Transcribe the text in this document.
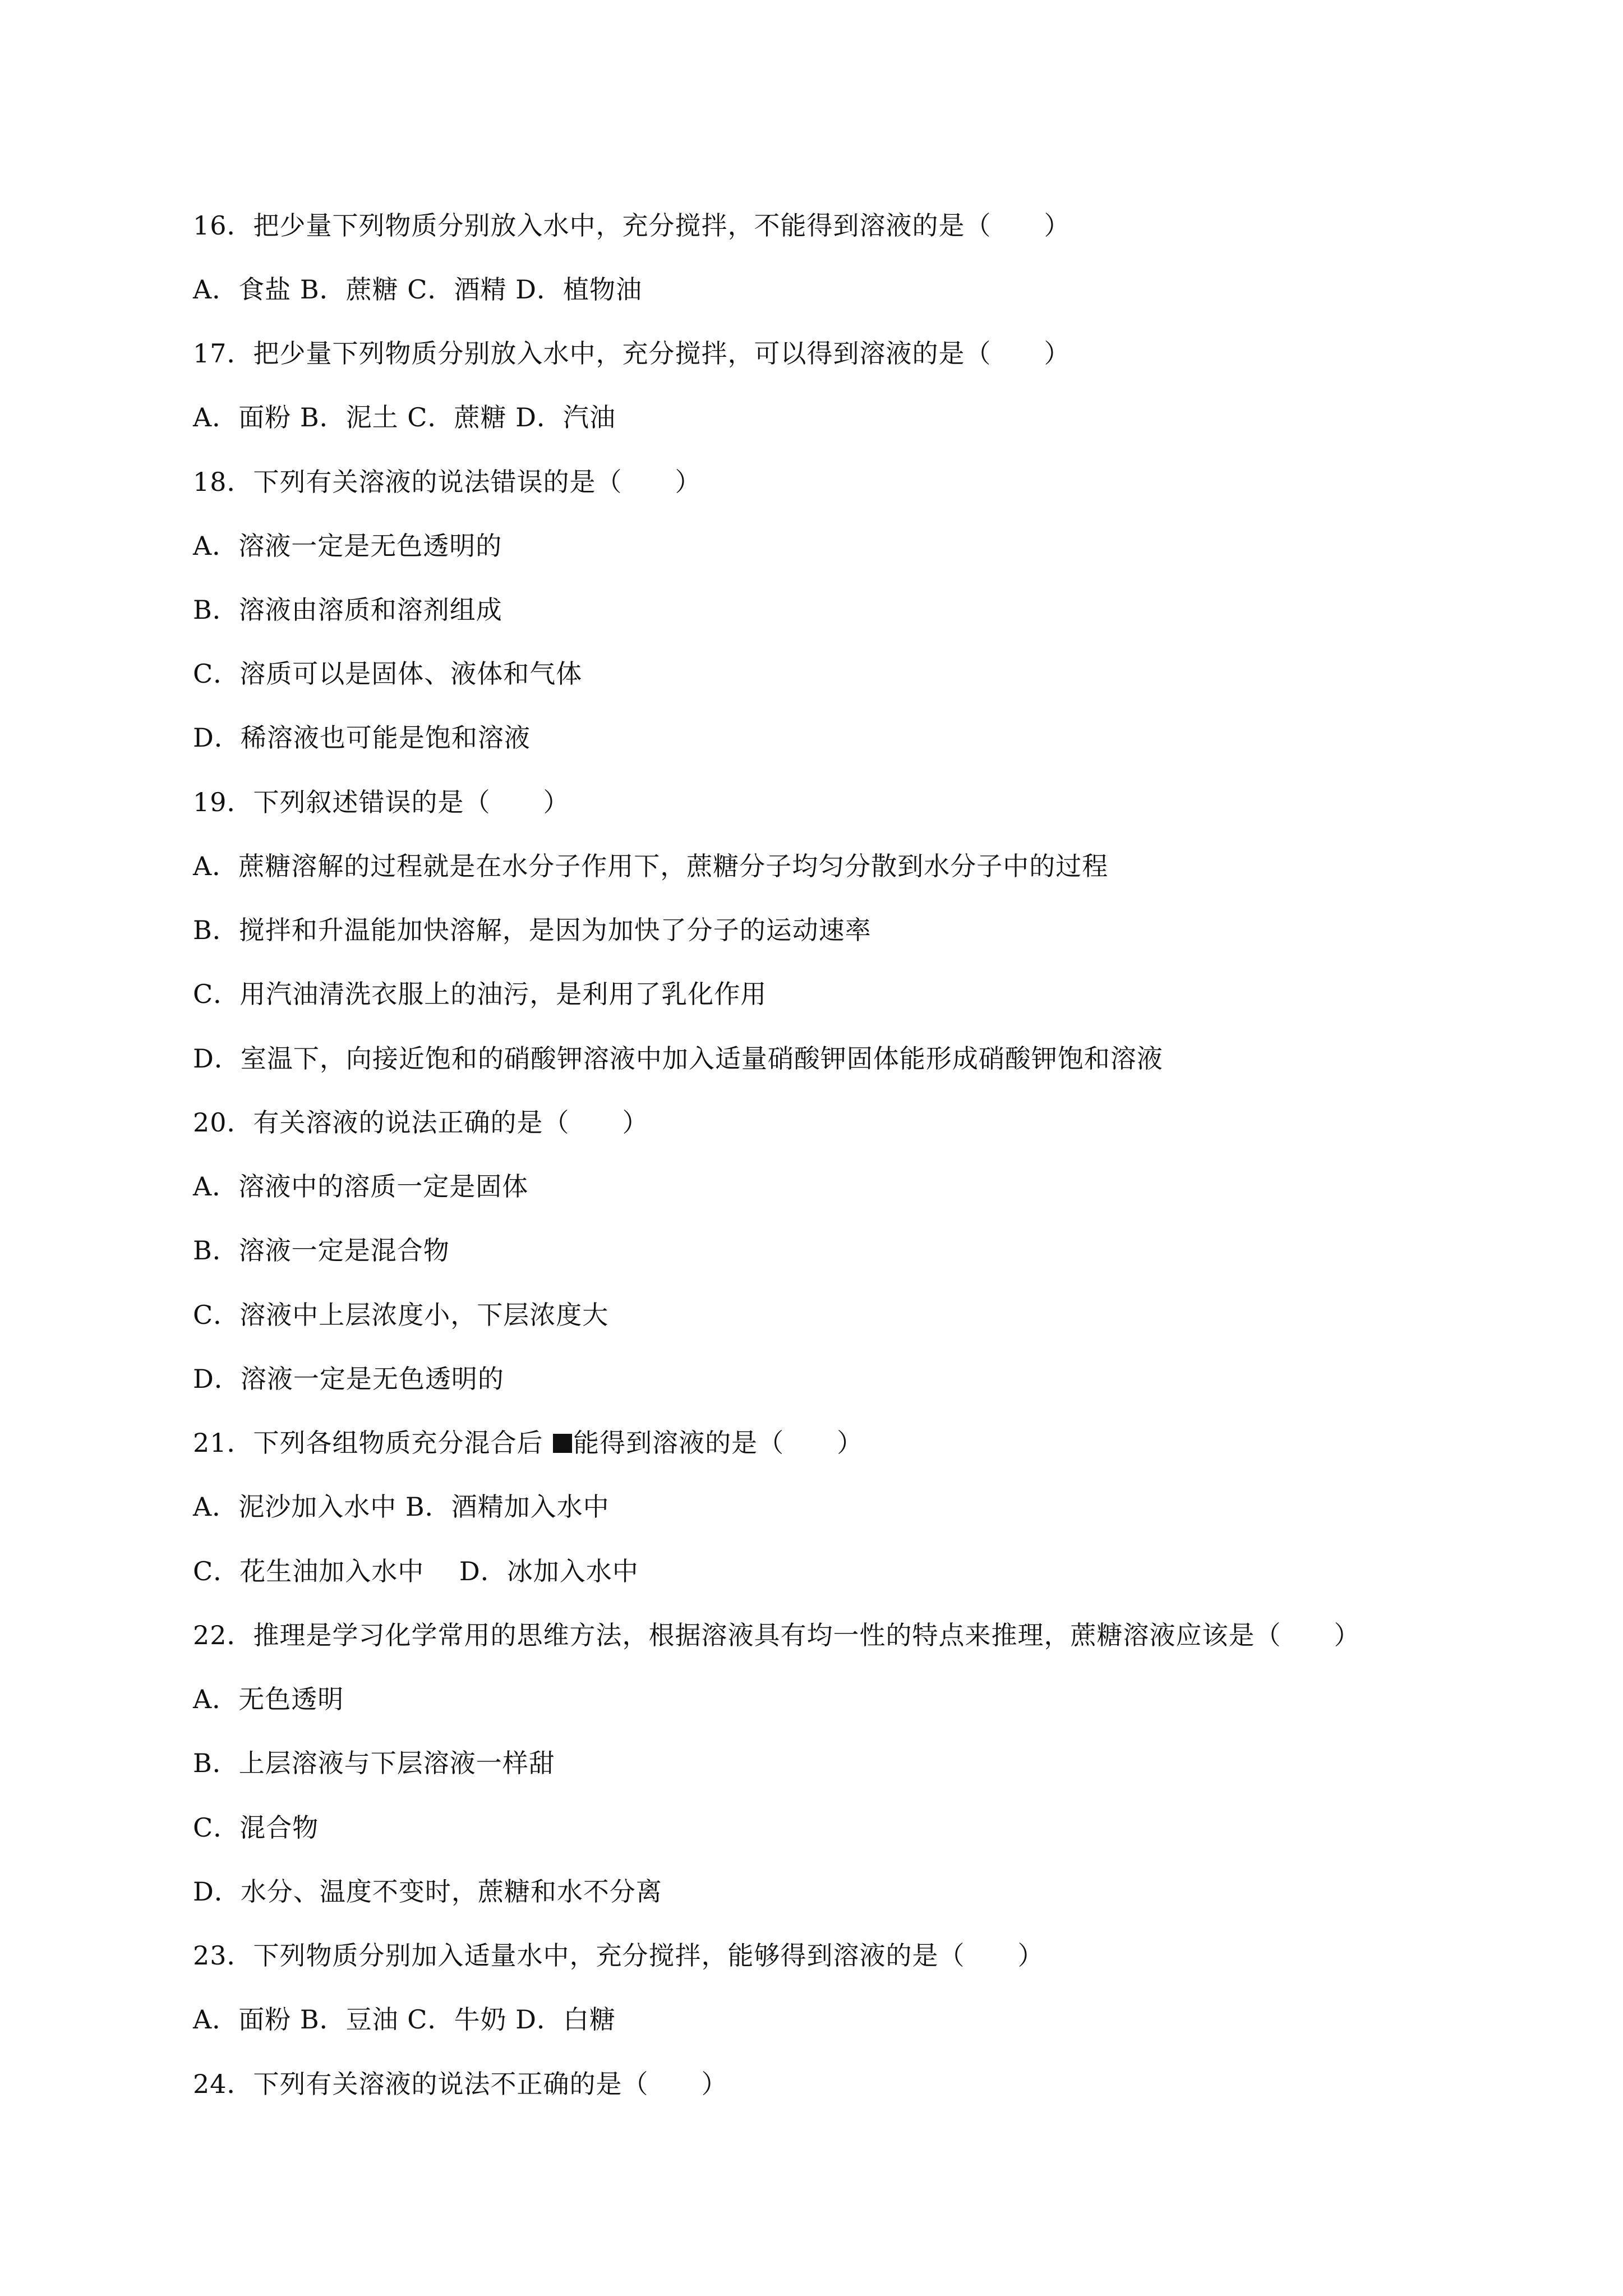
16．把少量下列物质分别放入水中，充分搅拌，不能得到溶液的是（　　）
A．食盐 B．蔗糖 C．酒精 D．植物油
17．把少量下列物质分别放入水中，充分搅拌，可以得到溶液的是（　　）
A．面粉 B．泥土 C．蔗糖 D．汽油
18．下列有关溶液的说法错误的是（　　）
A．溶液一定是无色透明的
B．溶液由溶质和溶剂组成
C．溶质可以是固体、液体和气体
D．稀溶液也可能是饱和溶液
19．下列叙述错误的是（　　）
A．蔗糖溶解的过程就是在水分子作用下，蔗糖分子均匀分散到水分子中的过程
B．搅拌和升温能加快溶解，是因为加快了分子的运动速率
C．用汽油清洗衣服上的油污，是利用了乳化作用
D．室温下，向接近饱和的硝酸钾溶液中加入适量硝酸钾固体能形成硝酸钾饱和溶液
20．有关溶液的说法正确的是（　　）
A．溶液中的溶质一定是固体
B．溶液一定是混合物
C．溶液中上层浓度小，下层浓度大
D．溶液一定是无色透明的
21．下列各组物质充分混合后 能得到溶液的是（　　）
A．泥沙加入水中 B．酒精加入水中
C．花生油加入水中　 D．冰加入水中
22．推理是学习化学常用的思维方法，根据溶液具有均一性的特点来推理，蔗糖溶液应该是（　　）
A．无色透明
B．上层溶液与下层溶液一样甜
C．混合物
D．水分、温度不变时，蔗糖和水不分离
23．下列物质分别加入适量水中，充分搅拌，能够得到溶液的是（　　）
A．面粉 B．豆油 C．牛奶 D．白糖
24．下列有关溶液的说法不正确的是（　　）
